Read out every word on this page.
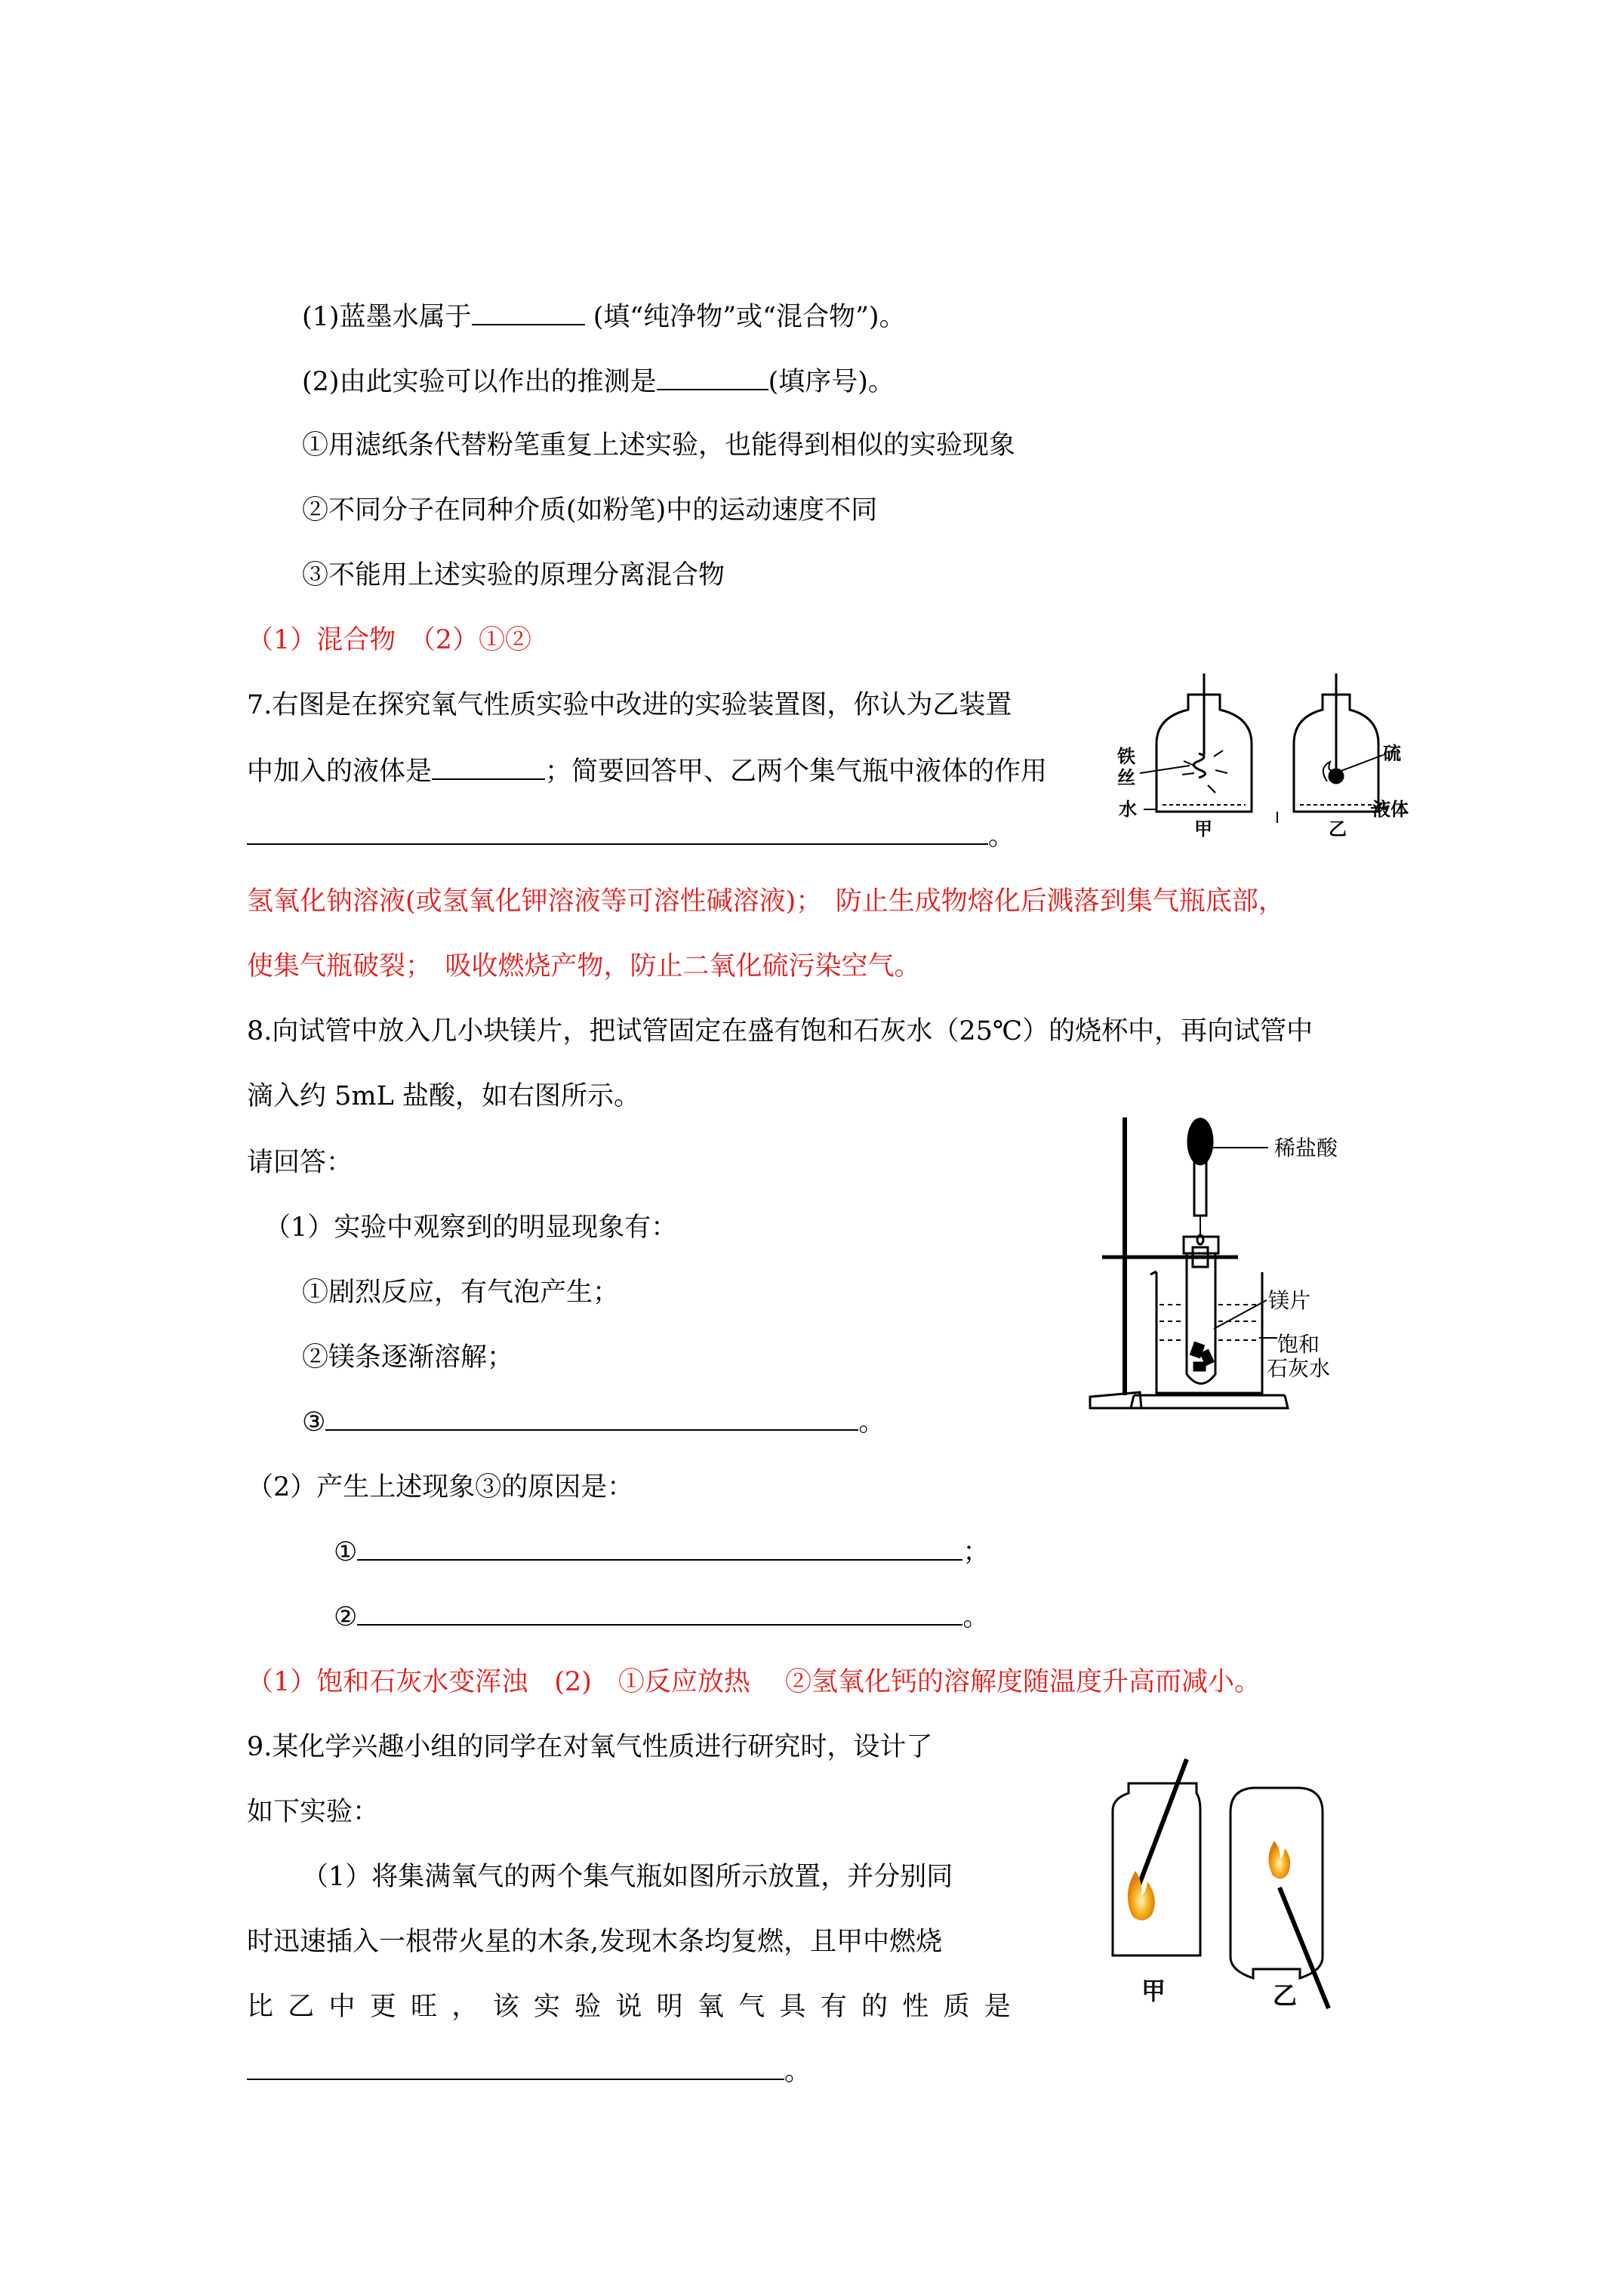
(1)蓝墨水属于	(填“纯净物”或“混合物”)。
(2)由此实验可以作出的推测是	(填序号)。
①用滤纸条代替粉笔重复上述实验，也能得到相似的实验现象
②不同分子在同种介质(如粉笔)中的运动速度不同
③不能用上述实验的原理分离混合物
（1）混合物　（2）①②
7.右图是在探究氧气性质实验中改进的实验装置图，你认为乙装置
中加入的液体是	；简要回答甲、乙两个集气瓶中液体的作用
。
氢氧化钠溶液(或氢氧化钾溶液等可溶性碱溶液)；　防止生成物熔化后溅落到集气瓶底部，
使集气瓶破裂；　吸收燃烧产物，防止二氧化硫污染空气。
铁
丝
水
甲
硫
液体
乙
8.向试管中放入几小块镁片，把试管固定在盛有饱和石灰水（25℃）的烧杯中，再向试管中
滴入约 5mL 盐酸，如右图所示。
请回答：
（1）实验中观察到的明显现象有：
①剧烈反应，有气泡产生；
②镁条逐渐溶解；
③	。
（2）产生上述现象③的原因是：
①	；
②	。
（1）饱和石灰水变浑浊　(2)　①反应放热　 ②氢氧化钙的溶解度随温度升高而减小。
稀盐酸
镁片
饱和
石灰水
9.某化学兴趣小组的同学在对氧气性质进行研究时，设计了
如下实验：
（1）将集满氧气的两个集气瓶如图所示放置，并分别同
时迅速插入一根带火星的木条,发现木条均复燃，且甲中燃烧
比 乙 中 更 旺 ， 该 实 验 说 明 氧 气 具 有 的 性 质 是
。
甲	乙
